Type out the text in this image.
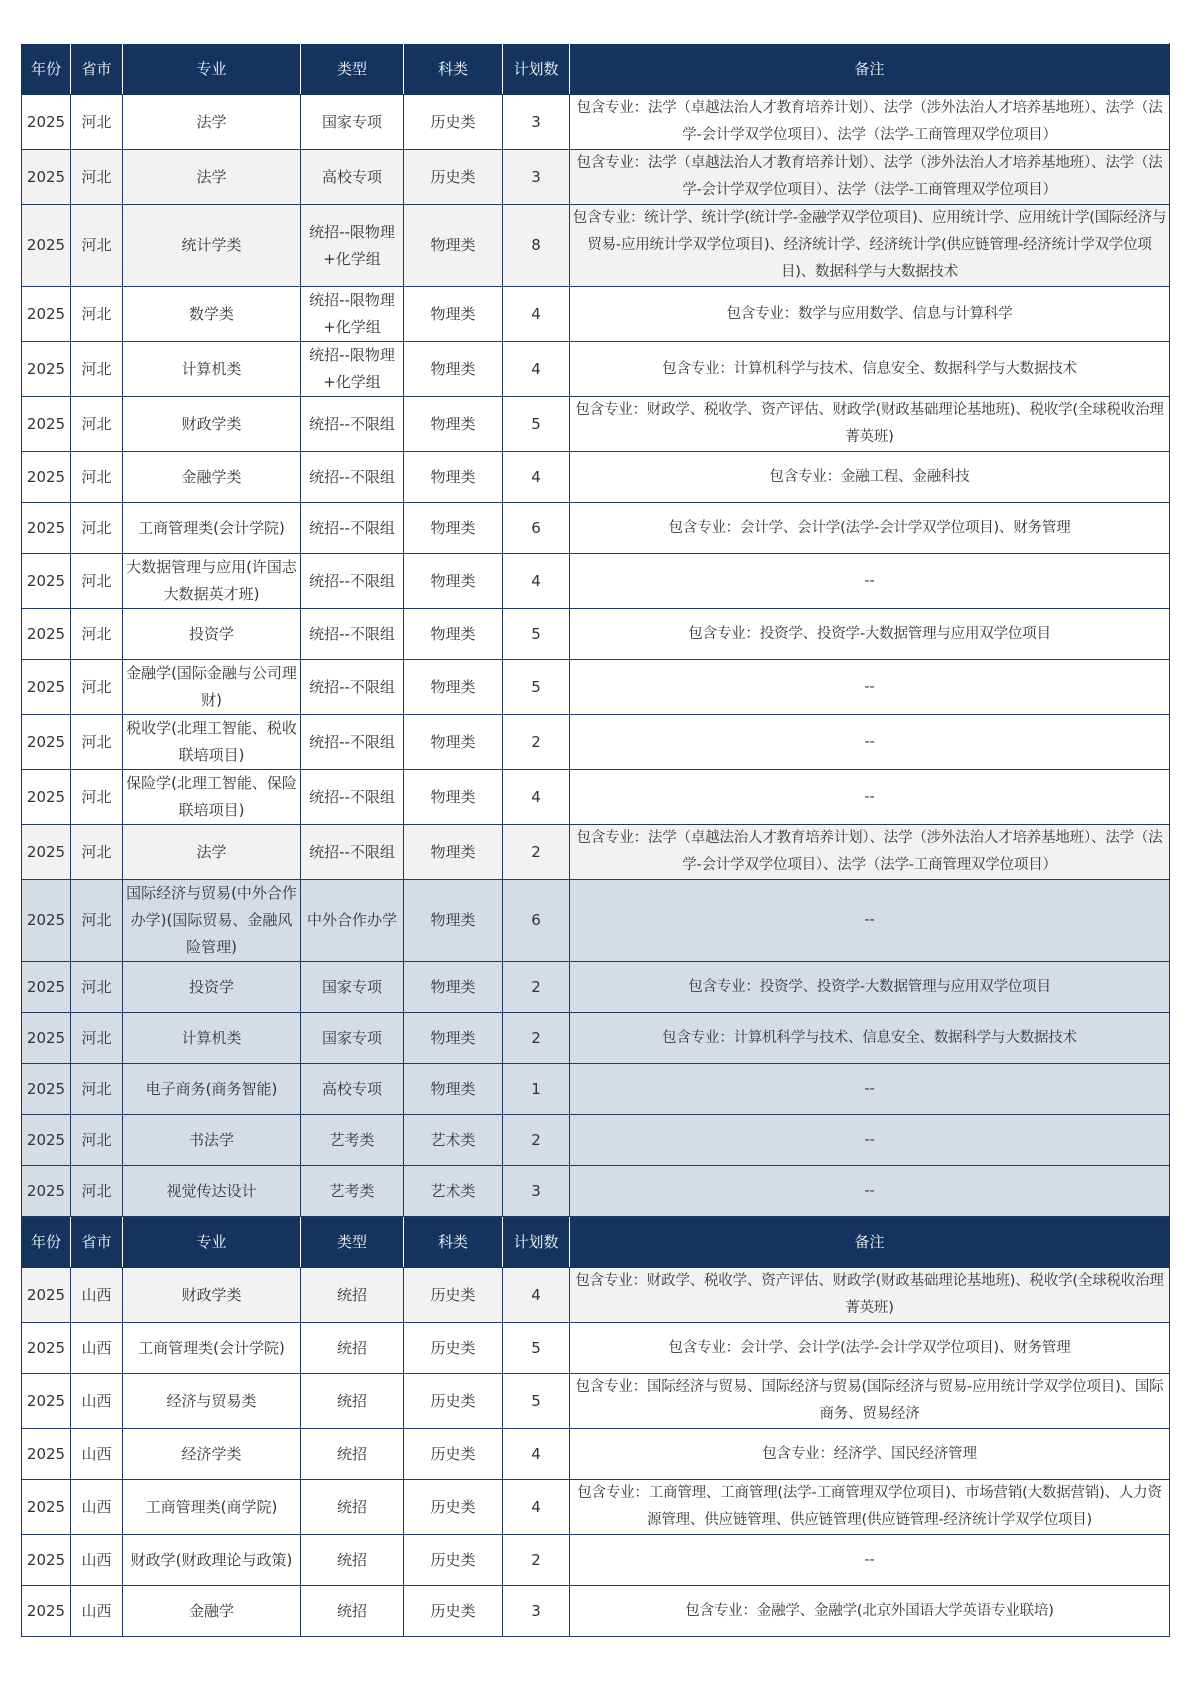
年份	省市	专业	类型	科类	计划数	备注
2025	河北	法学	国家专项	历史类	3	包含专业：法学（卓越法治人才教育培养计划）、法学（涉外法治人才培养基地班）、法学（法学-会计学双学位项目）、法学（法学-工商管理双学位项目）
2025	河北	法学	高校专项	历史类	3	包含专业：法学（卓越法治人才教育培养计划）、法学（涉外法治人才培养基地班）、法学（法学-会计学双学位项目）、法学（法学-工商管理双学位项目）
2025	河北	统计学类	统招--限物理+化学组	物理类	8	包含专业：统计学、统计学(统计学-金融学双学位项目)、应用统计学、应用统计学(国际经济与贸易-应用统计学双学位项目)、经济统计学、经济统计学(供应链管理-经济统计学双学位项目)、数据科学与大数据技术
2025	河北	数学类	统招--限物理+化学组	物理类	4	包含专业：数学与应用数学、信息与计算科学
2025	河北	计算机类	统招--限物理+化学组	物理类	4	包含专业：计算机科学与技术、信息安全、数据科学与大数据技术
2025	河北	财政学类	统招--不限组	物理类	5	包含专业：财政学、税收学、资产评估、财政学(财政基础理论基地班)、税收学(全球税收治理菁英班)
2025	河北	金融学类	统招--不限组	物理类	4	包含专业：金融工程、金融科技
2025	河北	工商管理类(会计学院)	统招--不限组	物理类	6	包含专业：会计学、会计学(法学-会计学双学位项目)、财务管理
2025	河北	大数据管理与应用(许国志大数据英才班)	统招--不限组	物理类	4	--
2025	河北	投资学	统招--不限组	物理类	5	包含专业：投资学、投资学-大数据管理与应用双学位项目
2025	河北	金融学(国际金融与公司理财)	统招--不限组	物理类	5	--
2025	河北	税收学(北理工智能、税收联培项目)	统招--不限组	物理类	2	--
2025	河北	保险学(北理工智能、保险联培项目)	统招--不限组	物理类	4	--
2025	河北	法学	统招--不限组	物理类	2	包含专业：法学（卓越法治人才教育培养计划）、法学（涉外法治人才培养基地班）、法学（法学-会计学双学位项目）、法学（法学-工商管理双学位项目）
2025	河北	国际经济与贸易(中外合作办学)(国际贸易、金融风险管理)	中外合作办学	物理类	6	--
2025	河北	投资学	国家专项	物理类	2	包含专业：投资学、投资学-大数据管理与应用双学位项目
2025	河北	计算机类	国家专项	物理类	2	包含专业：计算机科学与技术、信息安全、数据科学与大数据技术
2025	河北	电子商务(商务智能)	高校专项	物理类	1	--
2025	河北	书法学	艺考类	艺术类	2	--
2025	河北	视觉传达设计	艺考类	艺术类	3	--
年份	省市	专业	类型	科类	计划数	备注
2025	山西	财政学类	统招	历史类	4	包含专业：财政学、税收学、资产评估、财政学(财政基础理论基地班)、税收学(全球税收治理菁英班)
2025	山西	工商管理类(会计学院)	统招	历史类	5	包含专业：会计学、会计学(法学-会计学双学位项目)、财务管理
2025	山西	经济与贸易类	统招	历史类	5	包含专业：国际经济与贸易、国际经济与贸易(国际经济与贸易-应用统计学双学位项目)、国际商务、贸易经济
2025	山西	经济学类	统招	历史类	4	包含专业：经济学、国民经济管理
2025	山西	工商管理类(商学院)	统招	历史类	4	包含专业：工商管理、工商管理(法学-工商管理双学位项目)、市场营销(大数据营销)、人力资源管理、供应链管理、供应链管理(供应链管理-经济统计学双学位项目)
2025	山西	财政学(财政理论与政策)	统招	历史类	2	--
2025	山西	金融学	统招	历史类	3	包含专业：金融学、金融学(北京外国语大学英语专业联培)
